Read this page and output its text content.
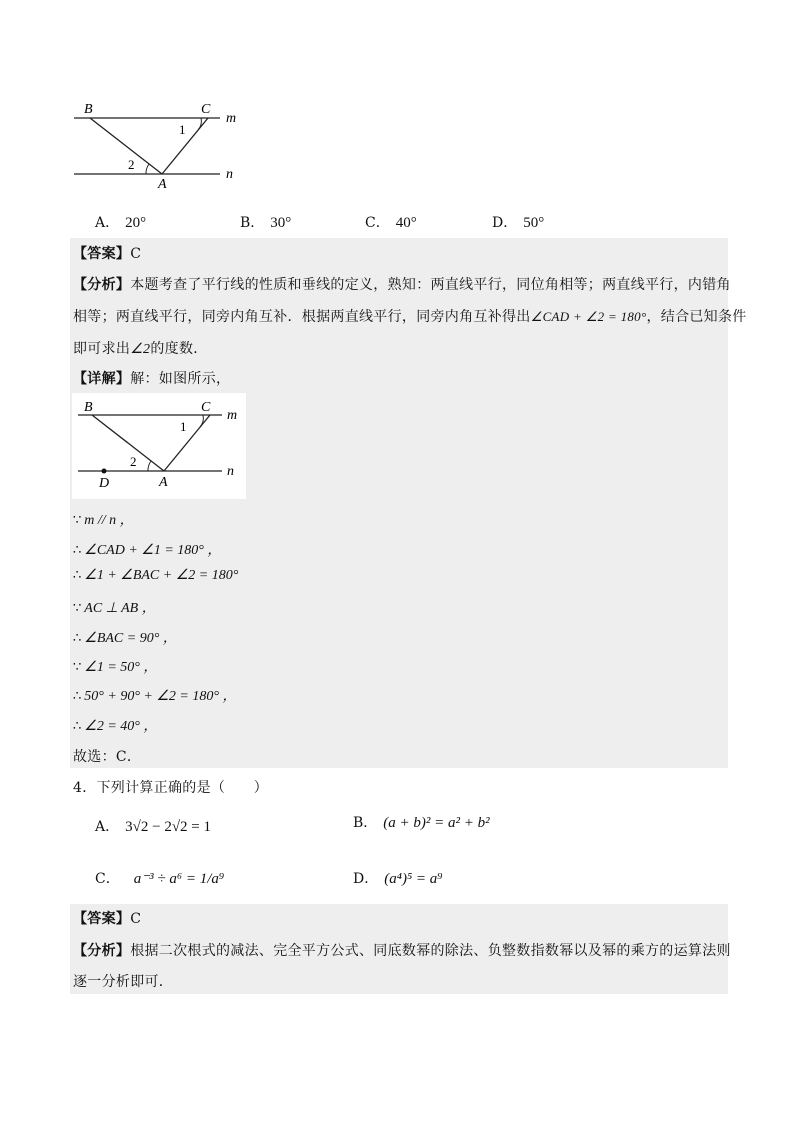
B	C
m
n
A
1
2
A． 20°	B． 30°	C． 40°	D． 50°
【答案】C
【分析】本题考查了平行线的性质和垂线的定义，熟知：两直线平行，同位角相等；两直线平行，内错角
相等；两直线平行，同旁内角互补．根据两直线平行，同旁内角互补得出∠CAD + ∠2 = 180°，结合已知条件
即可求出∠2的度数．
【详解】解：如图所示，
B	C
m
n
A
D
1
2
∵ m // n ，
∴ ∠CAD + ∠1 = 180° ，
∴ ∠1 + ∠BAC + ∠2 = 180°
∵ AC ⊥ AB ，
∴ ∠BAC = 90° ，
∵ ∠1 = 50° ，
∴ 50° + 90° + ∠2 = 180° ，
∴ ∠2 = 40° ，
故选：C．
4．下列计算正确的是（　　）
A． 3√2 − 2√2 = 1	B． (a + b)² = a² + b²
C． a⁻³ ÷ a⁶ = 1/a⁹	D． (a⁴)⁵ = a⁹
【答案】C
【分析】根据二次根式的减法、完全平方公式、同底数幂的除法、负整数指数幂以及幂的乘方的运算法则
逐一分析即可．
